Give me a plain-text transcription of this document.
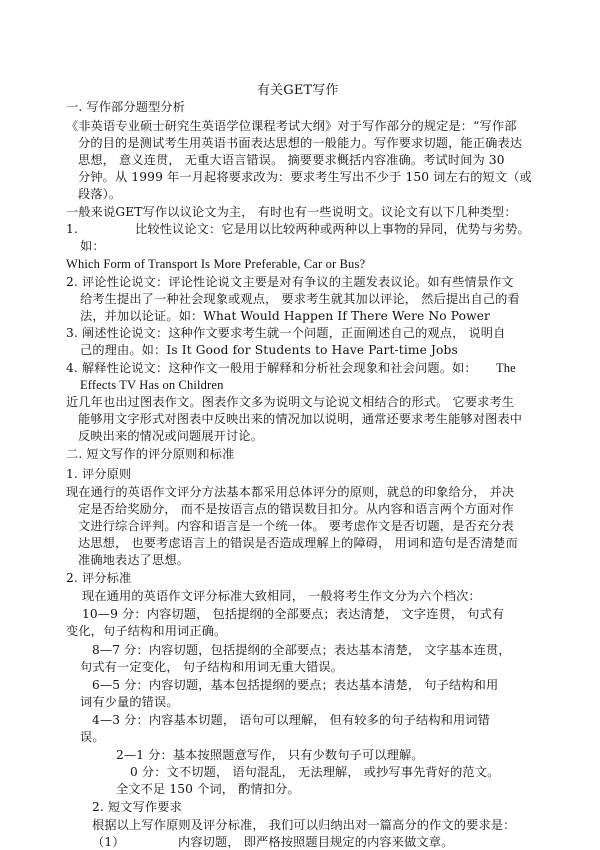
有关GET写作
一. 写作部分题型分析
《非英语专业硕士研究生英语学位课程考试大纲》对于写作部分的规定是：“写作部
分的目的是测试考生用英语书面表达思想的一般能力。写作要求切题，能正确表达
思想， 意义连贯， 无重大语言错误。 摘要要求概括内容准确。考试时间为 30
分钟。从 1999 年一月起将要求改为：要求考生写出不少于 150 词左右的短文（或
段落）。
一般来说GET写作以议论文为主， 有时也有一些说明文。议论文有以下几种类型：
1.	比较性议论文：它是用以比较两种或两种以上事物的异同，优势与劣势。
如：
Which Form of Transport Is More Preferable, Car or Bus?
2. 评论性论说文：评论性论说文主要是对有争议的主题发表议论。如有些情景作文
给考生提出了一种社会现象或观点， 要求考生就其加以评论， 然后提出自己的看
法，并加以论证。如：What Would Happen If There Were No Power
3. 阐述性论说文：这种作文要求考生就一个问题，正面阐述自己的观点， 说明自
己的理由。如：Is It Good for Students to Have Part-time Jobs
4. 解释性论说文：这种作文一般用于解释和分析社会现象和社会问题。如： The
Effects TV Has on Children
近几年也出过图表作文。图表作文多为说明文与论说文相结合的形式。 它要求考生
能够用文字形式对图表中反映出来的情况加以说明，通常还要求考生能够对图表中
反映出来的情况或问题展开讨论。
二. 短文写作的评分原则和标准
1. 评分原则
现在通行的英语作文评分方法基本都采用总体评分的原则，就总的印象给分， 并决
定是否给奖励分， 而不是按语言点的错误数目扣分。从内容和语言两个方面对作
文进行综合评判。内容和语言是一个统一体。 要考虑作文是否切题，是否充分表
达思想， 也要考虑语言上的错误是否造成理解上的障碍， 用词和造句是否清楚而
准确地表达了思想。
2. 评分标准
现在通用的英语作文评分标准大致相同， 一般将考生作文分为六个档次：
10—9 分：内容切题， 包括提纲的全部要点；表达清楚， 文字连贯， 句式有
变化，句子结构和用词正确。
8—7 分：内容切题，包括提纲的全部要点；表达基本清楚， 文字基本连贯，
句式有一定变化， 句子结构和用词无重大错误。
6—5 分：内容切题，基本包括提纲的要点；表达基本清楚， 句子结构和用
词有少量的错误。
4—3 分：内容基本切题， 语句可以理解， 但有较多的句子结构和用词错
误。
2—1 分：基本按照题意写作， 只有少数句子可以理解。
0 分：文不切题， 语句混乱， 无法理解， 或抄写事先背好的范文。
全文不足 150 个词， 酌情扣分。
2. 短文写作要求
根据以上写作原则及评分标准， 我们可以归纳出对一篇高分的作文的要求是：
（1）	内容切题， 即严格按照题目规定的内容来做文章。
